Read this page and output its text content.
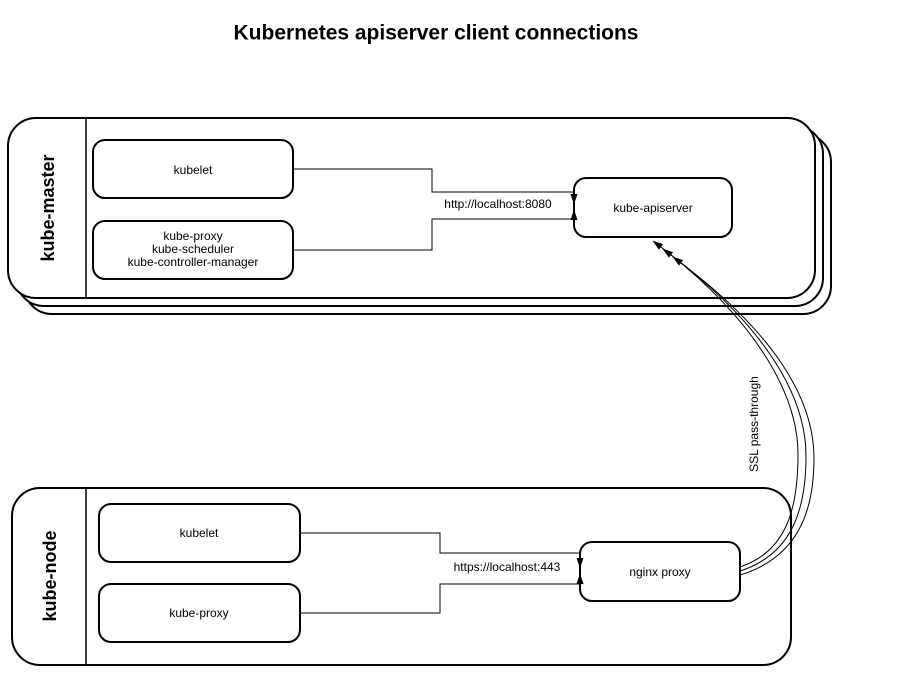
Kubernetes apiserver client connections
kube-master	kubelet
kube-proxy
kube-scheduler
kube-controller-manager
kube-apiserver
http://localhost:8080
kube-node	kubelet
kube-proxy
nginx proxy
https://localhost:443
SSL pass-through
